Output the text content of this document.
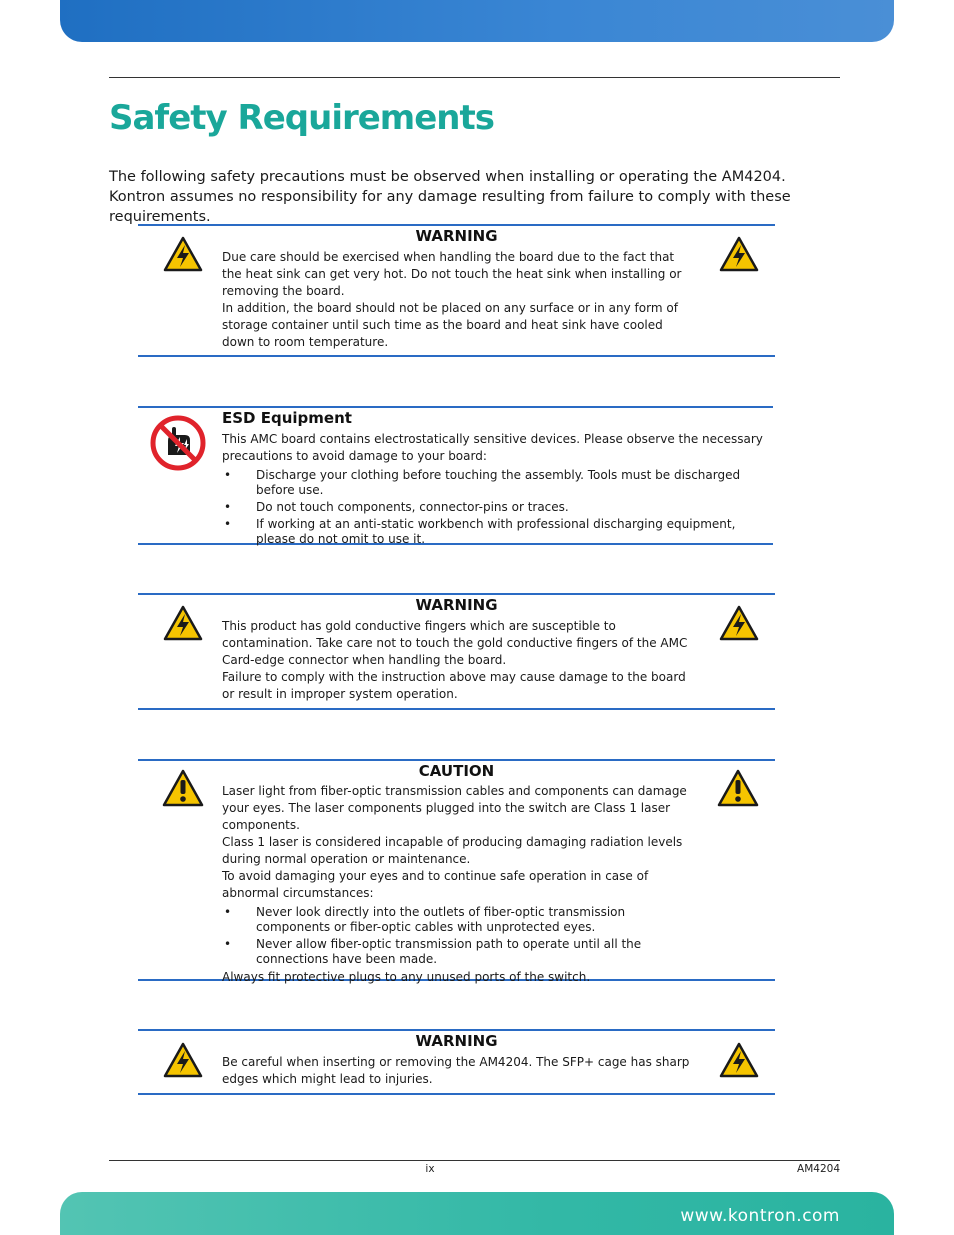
Safety Requirements

The following safety precautions must be observed when installing or operating the AM4204. Kontron assumes no responsibility for any damage resulting from failure to comply with these requirements.

WARNING

Due care should be exercised when handling the board due to the fact that the heat sink can get very hot. Do not touch the heat sink when installing or removing the board.

In addition, the board should not be placed on any surface or in any form of storage container until such time as the board and heat sink have cooled down to room temperature.

ESD Equipment

This AMC board contains electrostatically sensitive devices. Please observe the necessary precautions to avoid damage to your board:

• Discharge your clothing before touching the assembly. Tools must be discharged before use.
• Do not touch components, connector-pins or traces.
• If working at an anti-static workbench with professional discharging equipment, please do not omit to use it.
WARNING

This product has gold conductive fingers which are susceptible to contamination. Take care not to touch the gold conductive fingers of the AMC Card-edge connector when handling the board.

Failure to comply with the instruction above may cause damage to the board or result in improper system operation.

CAUTION

Laser light from fiber-optic transmission cables and components can damage your eyes. The laser components plugged into the switch are Class 1 laser components.

Class 1 laser is considered incapable of producing damaging radiation levels during normal operation or maintenance.

To avoid damaging your eyes and to continue safe operation in case of abnormal circumstances:

• Never look directly into the outlets of fiber-optic transmission components or fiber-optic cables with unprotected eyes.
• Never allow fiber-optic transmission path to operate until all the connections have been made.

Always fit protective plugs to any unused ports of the switch.

WARNING

Be careful when inserting or removing the AM4204. The SFP+ cage has sharp edges which might lead to injuries.

ix	AM4204
www.kontron.com
